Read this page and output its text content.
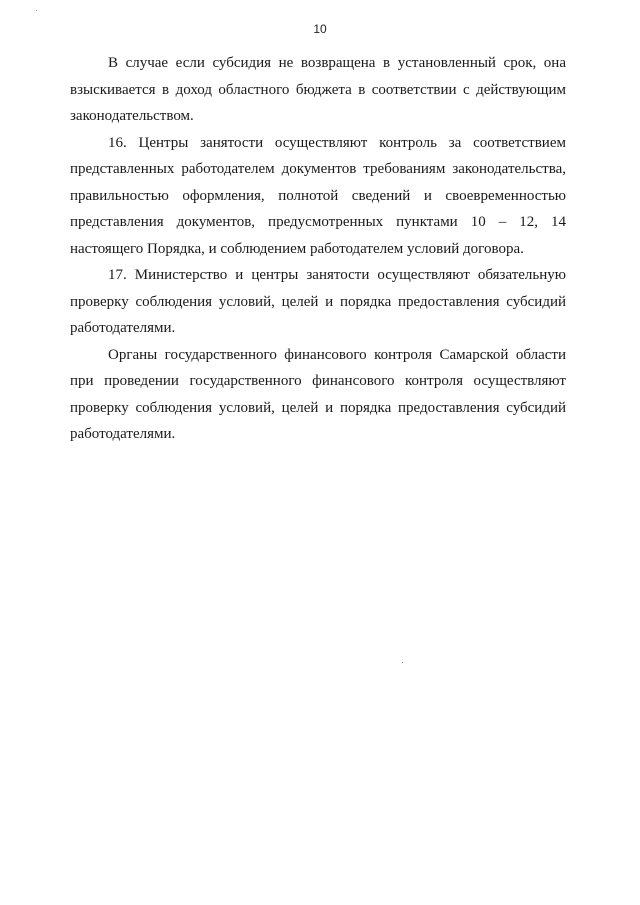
10

В случае если субсидия не возвращена в установленный срок, она взыскивается в доход областного бюджета в соответствии с действующим законодательством.

16. Центры занятости осуществляют контроль за соответствием представленных работодателем документов требованиям законодательства, правильностью оформления, полнотой сведений и своевременностью представления документов, предусмотренных пунктами 10 – 12, 14 настоящего Порядка, и соблюдением работодателем условий договора.

17. Министерство и центры занятости осуществляют обязательную проверку соблюдения условий, целей и порядка предоставления субсидий работодателями.

Органы государственного финансового контроля Самарской области при проведении государственного финансового контроля осуществляют проверку соблюдения условий, целей и порядка предоставления субсидий работодателями.
